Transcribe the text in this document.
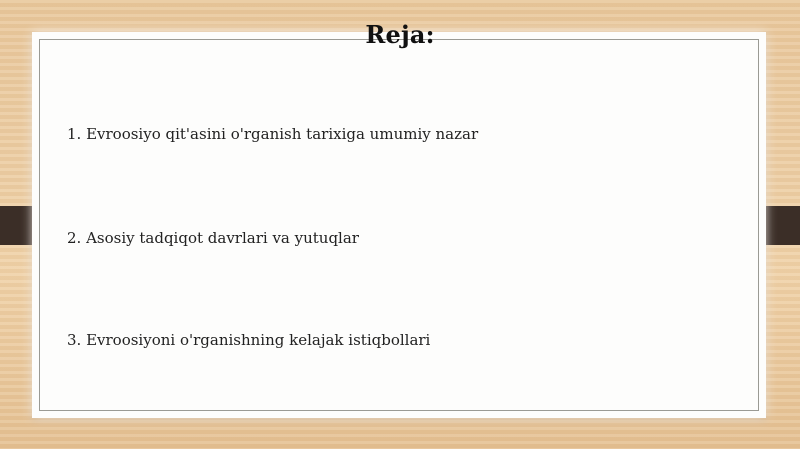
Reja:
1. Evroosiyo qit'asini o'rganish tarixiga umumiy nazar
2. Asosiy tadqiqot davrlari va yutuqlar
3. Evroosiyoni o'rganishning kelajak istiqbollari
